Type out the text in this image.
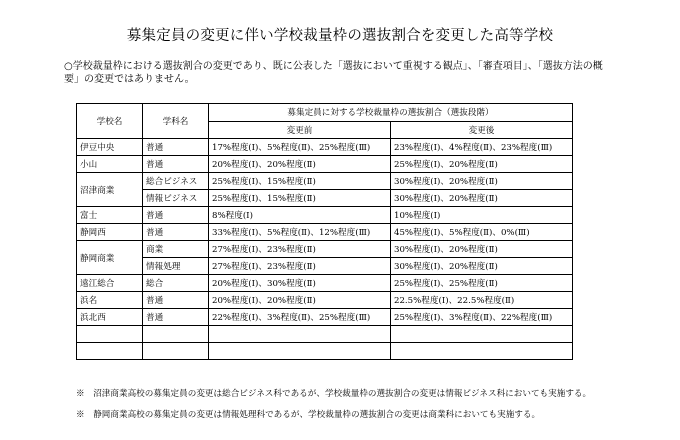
募集定員の変更に伴い学校裁量枠の選抜割合を変更した高等学校
○学校裁量枠における選抜割合の変更であり、既に公表した「選抜において重視する観点」、「審査項目」、「選抜方法の概要」の変更ではありません。
学校名	学科名	募集定員に対する学校裁量枠の選抜割合（選抜段階）	
		変更前	変更後
伊豆中央	普通	17%程度(Ⅰ)、5%程度(Ⅱ)、25%程度(Ⅲ)	23%程度(Ⅰ)、4%程度(Ⅱ)、23%程度(Ⅲ)
小山	普通	20%程度(Ⅰ)、20%程度(Ⅱ)	25%程度(Ⅰ)、20%程度(Ⅱ)
沼津商業	総合ビジネス	25%程度(Ⅰ)、15%程度(Ⅱ)	30%程度(Ⅰ)、20%程度(Ⅱ)
	情報ビジネス	25%程度(Ⅰ)、15%程度(Ⅱ)	30%程度(Ⅰ)、20%程度(Ⅱ)
富士	普通	8%程度(Ⅰ)	10%程度(Ⅰ)
静岡西	普通	33%程度(Ⅰ)、5%程度(Ⅱ)、12%程度(Ⅲ)	45%程度(Ⅰ)、5%程度(Ⅱ)、0%(Ⅲ)
静岡商業	商業	27%程度(Ⅰ)、23%程度(Ⅱ)	30%程度(Ⅰ)、20%程度(Ⅱ)
	情報処理	27%程度(Ⅰ)、23%程度(Ⅱ)	30%程度(Ⅰ)、20%程度(Ⅱ)
遠江総合	総合	20%程度(Ⅰ)、30%程度(Ⅱ)	25%程度(Ⅰ)、25%程度(Ⅱ)
浜名	普通	20%程度(Ⅰ)、20%程度(Ⅱ)	22.5%程度(Ⅰ)、22.5%程度(Ⅱ)
浜北西	普通	22%程度(Ⅰ)、3%程度(Ⅱ)、25%程度(Ⅲ)	25%程度(Ⅰ)、3%程度(Ⅱ)、22%程度(Ⅲ)

※　沼津商業高校の募集定員の変更は総合ビジネス科であるが、学校裁量枠の選抜割合の変更は情報ビジネス科においても実施する。
※　静岡商業高校の募集定員の変更は情報処理科であるが、学校裁量枠の選抜割合の変更は商業科においても実施する。
